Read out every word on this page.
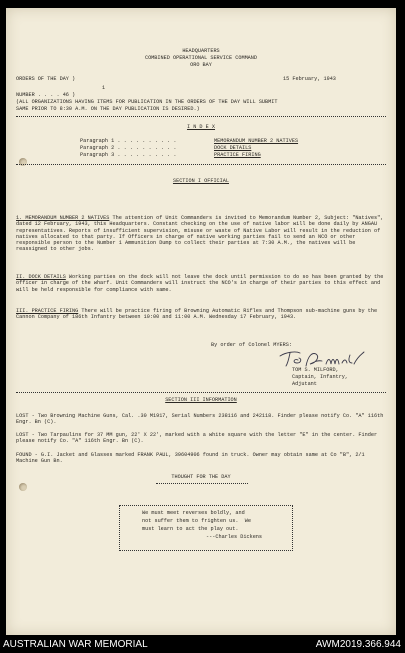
HEADQUARTERS
COMBINED OPERATIONAL SERVICE COMMAND
ORO BAY
ORDERS OF THE DAY )	15 February, 1943
1
NUMBER . . . . 46 )
(ALL ORGANIZATIONS HAVING ITEMS FOR PUBLICATION IN THE ORDERS OF THE DAY WILL SUBMIT
SAME PRIOR TO 8:30 A.M. ON THE DAY PUBLICATION IS DESIRED.)
I N D E X
Paragraph 1 . . . . . . . . . .	MEMORANDUM NUMBER 2 NATIVES
Paragraph 2 . . . . . . . . . .	DOCK DETAILS
Paragraph 3 . . . . . . . . . .	PRACTICE FIRING
SECTION I OFFICIAL
1. MEMORANDUM NUMBER 2 NATIVES The attention of Unit Commanders is invited to Memorandum Number 2, Subject: "Natives", dated 12 February, 1943, this Headquarters. Constant checking on the use of native labor will be done daily by ANGAU representatives. Reports of insufficient supervision, misuse or waste of Native Labor will result in the reduction of natives allocated to that party. If Officers in charge of native working parties fail to send an NCO or other responsible person to the Number 1 Ammunition Dump to collect their parties at 7:30 A.M., the natives will be reassigned to other jobs.
II. DOCK DETAILS Working parties on the dock will not leave the dock until permission to do so has been granted by the officer in charge of the wharf. Unit Commanders will instruct the NCO's in charge of their parties to this effect and will be held responsible for compliance with same.
III. PRACTICE FIRING There will be practice firing of Browning Automatic Rifles and Thompson sub-machine guns by the Cannon Company of 186th Infantry between 10:00 and 11:00 A.M. Wednesday 17 February, 1943.
By order of Colonel MYERS:
TOM S. MILFORD,
Captain, Infantry,
Adjutant
SECTION III INFORMATION
LOST - Two Browning Machine Guns, Cal. .30 M1917, Serial Numbers 238116 and 242118. Finder please notify Co. "A" 116th Engr. Bn (C).
LOST - Two Tarpaulins for 37 MM gun, 22' X 22', marked with a white square with the letter "E" in the center. Finder please notify Co. "A" 116th Engr. Bn (C).
FOUND - G.I. Jacket and Glasses marked FRANK PAUL, 39604906 found in truck. Owner may obtain same at Co "B", 2/1 Machine Gun Bn.
THOUGHT FOR THE DAY
We must meet reverses boldly, and
not suffer them to frighten us.  We
must learn to act the play out.
---Charles Dickens
AUSTRALIAN WAR MEMORIAL	AWM2019.366.944
